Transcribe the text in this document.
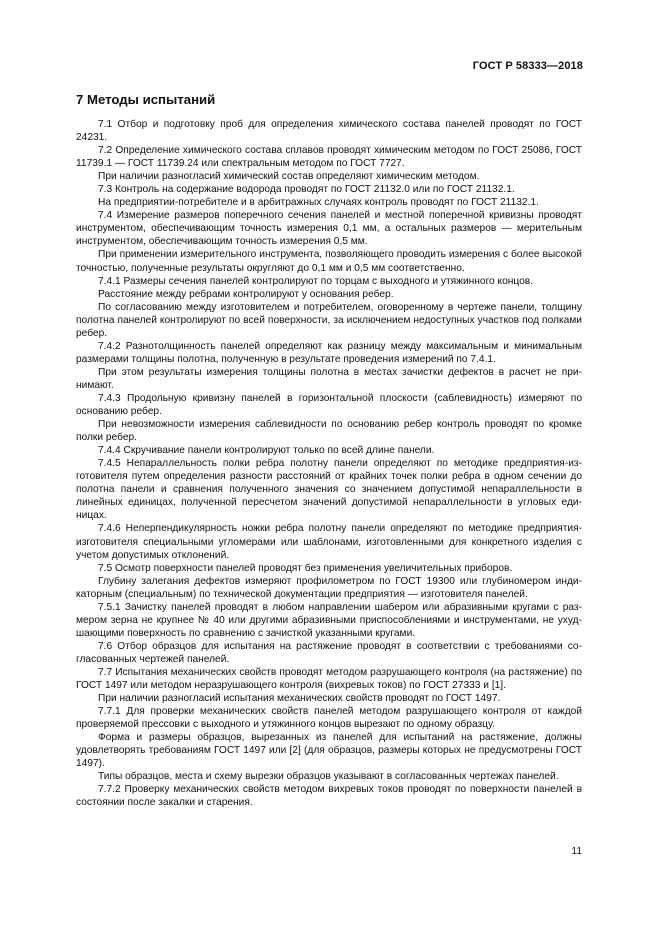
ГОСТ Р 58333—2018
7 Методы испытаний

7.1 Отбор и подготовку проб для определения химического состава панелей проводят по ГОСТ 24231.

7.2 Определение химического состава сплавов проводят химическим методом по ГОСТ 25086, ГОСТ 11739.1 — ГОСТ 11739.24 или спектральным методом по ГОСТ 7727.

При наличии разногласий химический состав определяют химическим методом.

7.3 Контроль на содержание водорода проводят по ГОСТ 21132.0 или по ГОСТ 21132.1.

На предприятии-потребителе и в арбитражных случаях контроль проводят по ГОСТ 21132.1.

7.4 Измерение размеров поперечного сечения панелей и местной поперечной кривизны проводят инструментом, обеспечивающим точность измерения 0,1 мм, а остальных размеров — мерительным инструментом, обеспечивающим точность измерения 0,5 мм.

При применении измерительного инструмента, позволяющего проводить измерения с более высокой точностью, полученные результаты округляют до 0,1 мм и 0,5 мм соответственно.

7.4.1 Размеры сечения панелей контролируют по торцам с выходного и утяжинного концов.

Расстояние между ребрами контролируют у основания ребер.

По согласованию между изготовителем и потребителем, оговоренному в чертеже панели, толщину полотна панелей контролируют по всей поверхности, за исключением недоступных участков под полками ребер.

7.4.2 Разнотолщинность панелей определяют как разницу между максимальным и минимальным размерами толщины полотна, полученную в результате проведения измерений по 7.4.1.

При этом результаты измерения толщины полотна в местах зачистки дефектов в расчет не принимают.

7.4.3 Продольную кривизну панелей в горизонтальной плоскости (саблевидность) измеряют по основанию ребер.

При невозможности измерения саблевидности по основанию ребер контроль проводят по кромке полки ребер.

7.4.4 Скручивание панели контролируют только по всей длине панели.

7.4.5 Непараллельность полки ребра полотну панели определяют по методике предприятия-изготовителя путем определения разности расстояний от крайних точек полки ребра в одном сечении до полотна панели и сравнения полученного значения со значением допустимой непараллельности в линейных единицах, полученной пересчетом значений допустимой непараллельности в угловых единицах.

7.4.6 Неперпендикулярность ножки ребра полотну панели определяют по методике предприятия-изготовителя специальными угломерами или шаблонами, изготовленными для конкретного изделия с учетом допустимых отклонений.

7.5 Осмотр поверхности панелей проводят без применения увеличительных приборов.

Глубину залегания дефектов измеряют профилометром по ГОСТ 19300 или глубиномером индикаторным (специальным) по технической документации предприятия — изготовителя панелей.

7.5.1 Зачистку панелей проводят в любом направлении шабером или абразивными кругами с размером зерна не крупнее № 40 или другими абразивными приспособлениями и инструментами, не ухудшающими поверхность по сравнению с зачисткой указанными кругами.

7.6 Отбор образцов для испытания на растяжение проводят в соответствии с требованиями согласованных чертежей панелей.

7.7 Испытания механических свойств проводят методом разрушающего контроля (на растяжение) по ГОСТ 1497 или методом неразрушающего контроля (вихревых токов) по ГОСТ 27333 и [1].

При наличии разногласий испытания механических свойств проводят по ГОСТ 1497.

7.7.1 Для проверки механических свойств панелей методом разрушающего контроля от каждой проверяемой прессовки с выходного и утяжинного концов вырезают по одному образцу.

Форма и размеры образцов, вырезанных из панелей для испытаний на растяжение, должны удовлетворять требованиям ГОСТ 1497 или [2] (для образцов, размеры которых не предусмотрены ГОСТ 1497).

Типы образцов, места и схему вырезки образцов указывают в согласованных чертежах панелей.

7.7.2 Проверку механических свойств методом вихревых токов проводят по поверхности панелей в состоянии после закалки и старения.

11
